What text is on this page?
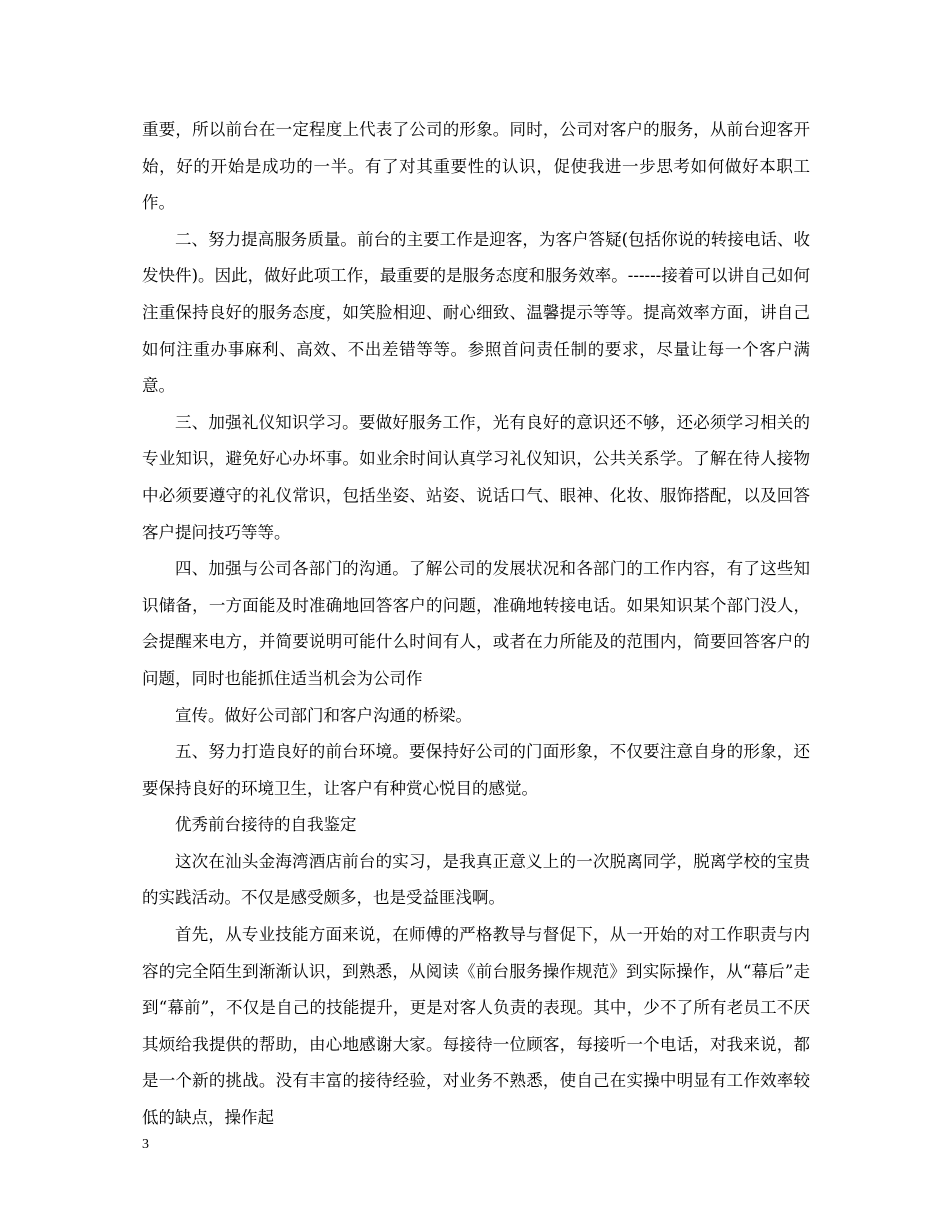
重要，所以前台在一定程度上代表了公司的形象。同时，公司对客户的服务，从前台迎客开始，好的开始是成功的一半。有了对其重要性的认识，促使我进一步思考如何做好本职工作。

二、努力提高服务质量。前台的主要工作是迎客，为客户答疑(包括你说的转接电话、收发快件)。因此，做好此项工作，最重要的是服务态度和服务效率。------接着可以讲自己如何注重保持良好的服务态度，如笑脸相迎、耐心细致、温馨提示等等。提高效率方面，讲自己如何注重办事麻利、高效、不出差错等等。参照首问责任制的要求，尽量让每一个客户满意。

三、加强礼仪知识学习。要做好服务工作，光有良好的意识还不够，还必须学习相关的专业知识，避免好心办坏事。如业余时间认真学习礼仪知识，公共关系学。了解在待人接物中必须要遵守的礼仪常识，包括坐姿、站姿、说话口气、眼神、化妆、服饰搭配，以及回答客户提问技巧等等。

四、加强与公司各部门的沟通。了解公司的发展状况和各部门的工作内容，有了这些知识储备，一方面能及时准确地回答客户的问题，准确地转接电话。如果知识某个部门没人，会提醒来电方，并简要说明可能什么时间有人，或者在力所能及的范围内，简要回答客户的问题，同时也能抓住适当机会为公司作

宣传。做好公司部门和客户沟通的桥梁。

五、努力打造良好的前台环境。要保持好公司的门面形象，不仅要注意自身的形象，还要保持良好的环境卫生，让客户有种赏心悦目的感觉。

优秀前台接待的自我鉴定

这次在汕头金海湾酒店前台的实习，是我真正意义上的一次脱离同学，脱离学校的宝贵的实践活动。不仅是感受颇多，也是受益匪浅啊。

首先，从专业技能方面来说，在师傅的严格教导与督促下，从一开始的对工作职责与内容的完全陌生到渐渐认识，到熟悉，从阅读《前台服务操作规范》到实际操作，从“幕后”走到“幕前”，不仅是自己的技能提升，更是对客人负责的表现。其中，少不了所有老员工不厌其烦给我提供的帮助，由心地感谢大家。每接待一位顾客，每接听一个电话，对我来说，都是一个新的挑战。没有丰富的接待经验，对业务不熟悉，使自己在实操中明显有工作效率较低的缺点，操作起

3
